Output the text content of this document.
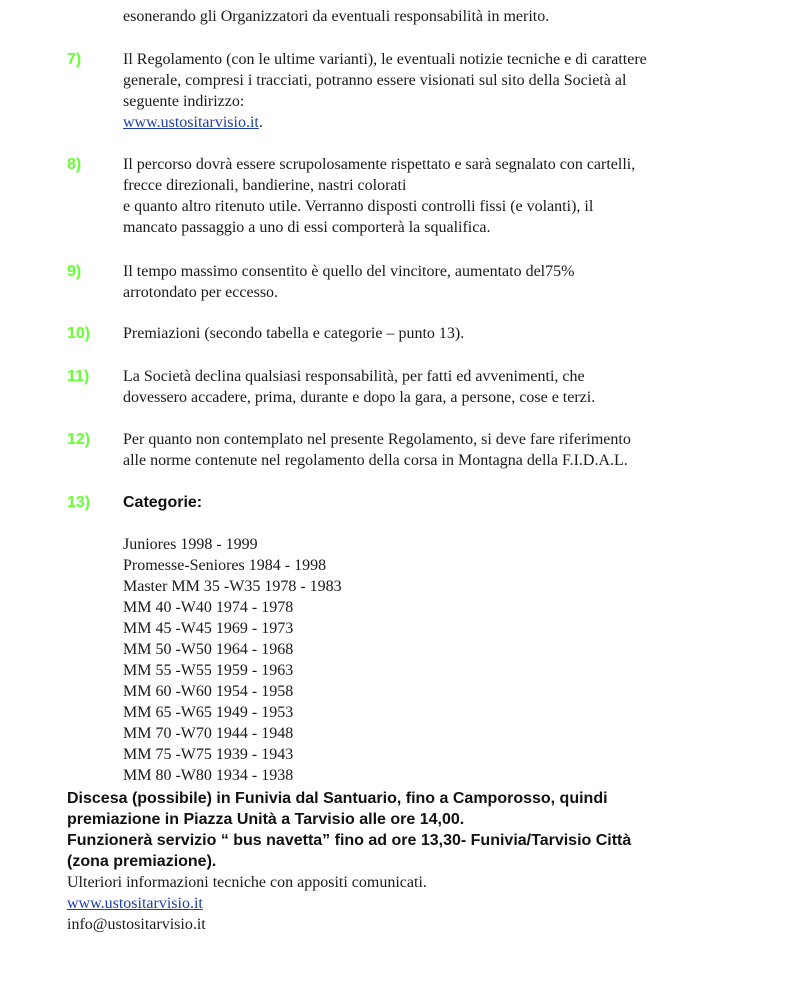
esonerando gli Organizzatori da eventuali responsabilità in merito.
7)	Il Regolamento (con le ultime varianti), le eventuali notizie tecniche e di carattere
generale, compresi i tracciati, potranno essere visionati sul sito della Società al
seguente indirizzo:
www.ustositarvisio.it.
8)	Il percorso dovrà essere scrupolosamente rispettato e sarà segnalato con cartelli,
frecce direzionali, bandierine, nastri colorati
e quanto altro ritenuto utile. Verranno disposti controlli fissi (e volanti), il
mancato passaggio a uno di essi comporterà la squalifica.
9)	Il tempo massimo consentito è quello del vincitore, aumentato del75%
arrotondato per eccesso.
10) Premiazioni (secondo tabella e categorie – punto 13).
11) La Società declina qualsiasi responsabilità, per fatti ed avvenimenti, che
dovessero accadere, prima, durante e dopo la gara, a persone, cose e terzi.
12) Per quanto non contemplato nel presente Regolamento, si deve fare riferimento
alle norme contenute nel regolamento della corsa in Montagna della F.I.D.A.L.
13) Categorie:
Juniores 1998 - 1999
Promesse-Seniores 1984 - 1998
Master MM 35 -W35 1978 - 1983
MM 40 -W40 1974 - 1978
MM 45 -W45 1969 - 1973
MM 50 -W50 1964 - 1968
MM 55 -W55 1959 - 1963
MM 60 -W60 1954 - 1958
MM 65 -W65 1949 - 1953
MM 70 -W70 1944 - 1948
MM 75 -W75 1939 - 1943
MM 80 -W80 1934 - 1938
Discesa (possibile) in Funivia dal Santuario, fino a Camporosso, quindi
premiazione in Piazza Unità a Tarvisio alle ore 14,00.
Funzionerà servizio “ bus navetta” fino ad ore 13,30- Funivia/Tarvisio Città
(zona premiazione).
Ulteriori informazioni tecniche con appositi comunicati.
www.ustositarvisio.it
info@ustositarvisio.it
